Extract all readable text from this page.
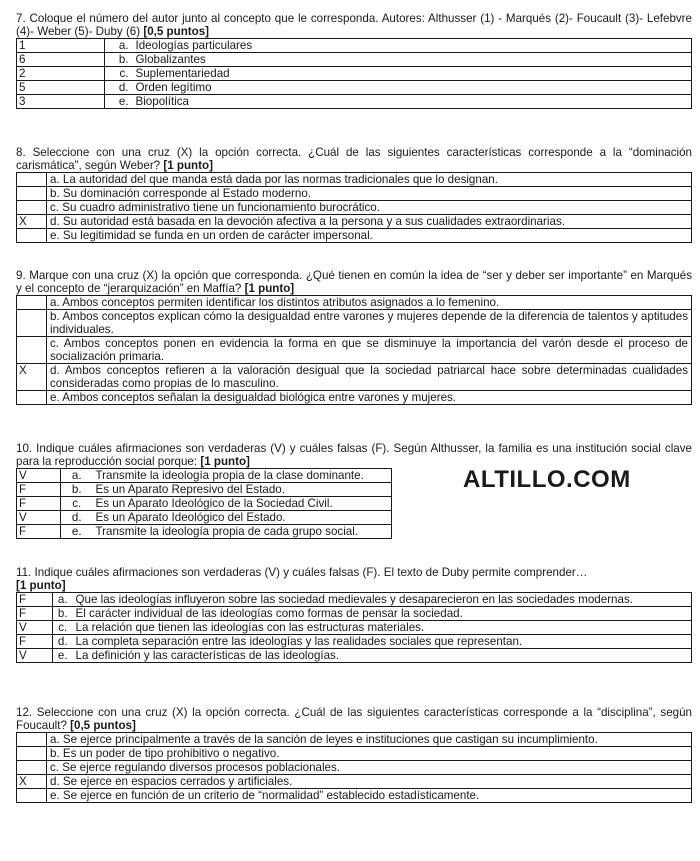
7. Coloque el número del autor junto al concepto que le corresponda. Autores: Althusser (1) - Marqués (2)- Foucault (3)- Lefebvre (4)- Weber (5)- Duby (6) [0,5 puntos]
1	a.	Ideologías particulares
6	b.	Globalizantes
2	c.	Suplementariedad
5	d.	Orden legítimo
3	e.	Biopolítica
8. Seleccione con una cruz (X) la opción correcta. ¿Cuál de las siguientes características corresponde a la “dominación carismática”, según Weber? [1 punto]
	a. La autoridad del que manda está dada por las normas tradicionales que lo designan.
	b. Su dominación corresponde al Estado moderno.
	c. Su cuadro administrativo tiene un funcionamiento burocrático.
X	d. Su autoridad está basada en la devoción afectiva a la persona y a sus cualidades extraordinarias.
	e. Su legitimidad se funda en un orden de carácter impersonal.
9. Marque con una cruz (X) la opción que corresponda. ¿Qué tienen en común la idea de “ser y deber ser importante” en Marqués y el concepto de “jerarquización” en Maffía? [1 punto]
	a. Ambos conceptos permiten identificar los distintos atributos asignados a lo femenino.
	b. Ambos conceptos explican cómo la desigualdad entre varones y mujeres depende de la diferencia de talentos y aptitudes individuales.
	c. Ambos conceptos ponen en evidencia la forma en que se disminuye la importancia del varón desde el proceso de socialización primaria.
X	d. Ambos conceptos refieren a la valoración desigual que la sociedad patriarcal hace sobre determinadas cualidades consideradas como propias de lo masculino.
	e. Ambos conceptos señalan la desigualdad biológica entre varones y mujeres.
10. Indique cuáles afirmaciones son verdaderas (V) y cuáles falsas (F). Según Althusser, la familia es una institución social clave para la reproducción social porque: [1 punto]
V	a.	Transmite la ideología propia de la clase dominante.
F	b.	Es un Aparato Represivo del Estado.
F	c.	Es un Aparato Ideológico de la Sociedad Civil.
V	d.	Es un Aparato Ideológico del Estado.
F	e.	Transmite la ideología propia de cada grupo social.
ALTILLO.COM
11. Indique cuáles afirmaciones son verdaderas (V) y cuáles falsas (F). El texto de Duby permite comprender…
[1 punto]
F	a.	Que las ideologías influyeron sobre las sociedad medievales y desaparecieron en las sociedades modernas.
F	b.	El carácter individual de las ideologías como formas de pensar la sociedad.
V	c.	La relación que tienen las ideologías con las estructuras materiales.
F	d.	La completa separación entre las ideologías y las realidades sociales que representan.
V	e.	La definición y las características de las ideologías.
12. Seleccione con una cruz (X) la opción correcta. ¿Cuál de las siguientes características corresponde a la “disciplina”, según Foucault? [0,5 puntos]
	a. Se ejerce principalmente a través de la sanción de leyes e instituciones que castigan su incumplimiento.
	b. Es un poder de tipo prohibitivo o negativo.
	c. Se ejerce regulando diversos procesos poblacionales.
X	d. Se ejerce en espacios cerrados y artificiales.
	e. Se ejerce en función de un criterio de “normalidad” establecido estadísticamente.
